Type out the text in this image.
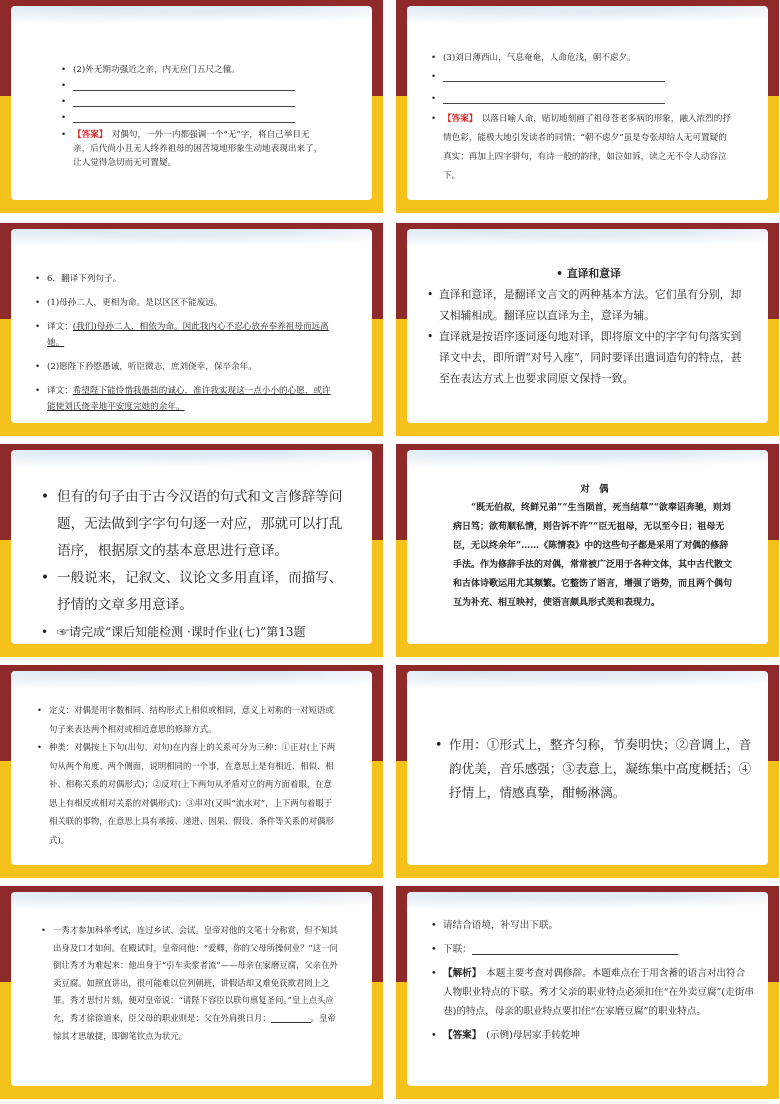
• (2)外无期功强近之亲，内无应门五尺之僮。
•
•
•
• 【答案】　 对偶句，一外一内都强调一个“无”字，将自己举目无亲，后代尚小且无人终养祖母的困苦境地形象生动地表现出来了，让人觉得急切而无可置疑。
• (3)刘日薄西山，气息奄奄，人命危浅，朝不虑夕。
•
•
• 【答案】　 以落日喻人命，贴切地刻画了祖母苍老多病的形象，融入浓烈的抒情色彩，能极大地引发读者的同情；“朝不虑夕”虽是夸张却给人无可置疑的真实；再加上四字骈句，有诗一般的韵律，如泣如诉，读之无不令人动容泣下。
• 6．翻译下列句子。
• (1)母孙二人，更相为命。是以区区不能废远。
• 译文：(我们)母孙二人，相依为命。因此我内心不忍心放弃奉养祖母而远离她。
• (2)愿陛下矜愍愚诚，听臣微志，庶刘侥幸，保卒余年。
• 译文：希望陛下能怜惜我愚拙的诚心，准许我实现这一点小小的心愿，或许能使刘氏侥幸地平安度完她的余年。
• 直译和意译
• 直译和意译，是翻译文言文的两种基本方法。它们虽有分别，却又相辅相成。翻译应以直译为主，意译为辅。
• 直译就是按语序逐词逐句地对译，即将原文中的字字句句落实到译文中去，即所谓“对号入座”，同时要译出遣词造句的特点，甚至在表达方式上也要求同原文保持一致。
• 但有的句子由于古今汉语的句式和文言修辞等问题，无法做到字字句句逐一对应，那就可以打乱语序，根据原文的基本意思进行意译。
• 一般说来，记叙文、议论文多用直译，而描写、抒情的文章多用意译。
• ☞请完成“课后知能检测 ·课时作业(七)”第13题
对　偶
“既无伯叔，终鲜兄弟”“生当陨首，死当结草”“欲奉诏奔驰，则刘病日笃；欲苟顺私情，则告诉不许”“臣无祖母，无以至今日；祖母无臣，无以终余年”……《陈情表》中的这些句子都是采用了对偶的修辞手法。作为修辞手法的对偶，常常被广泛用于各种文体，其中古代散文和古体诗歌运用尤其频繁。它整饬了语言，增强了语势，而且两个偶句互为补充、相互映衬，使语言颇具形式美和表现力。
• 定义：对偶是用字数相同、结构形式上相似或相同，意义上对称的一对短语或句子来表达两个相对或相近意思的修辞方式。
• 种类：对偶按上下句(出句、对句)在内容上的关系可分为三种：①正对(上下两句从两个角度、两个侧面，说明相同的一个事，在意思上是有相近、相似、相补、相称关系的对偶形式)；②反对(上下两句从矛盾对立的两方面着眼，在意思上有相反或相对关系的对偶形式)；③串对(又叫“流水对”，上下两句着眼于相关联的事物，在意思上具有承接、递进、因果、假设、条件等关系的对偶形式)。
• 作用：①形式上，整齐匀称，节奏明快；②音调上，音韵优美，音乐感强；③表意上，凝练集中高度概括；④抒情上，情感真挚，酣畅淋漓。
• 一秀才参加科举考试，连过乡试、会试。皇帝对他的文笔十分称赏，但不知其出身及口才如何。在殿试时，皇帝问他：“爱卿，你的父母所操何业？”这一问倒让秀才为难起来：他出身于“引车卖浆者流”——母亲在家磨豆腐，父亲在外卖豆腐。如照直讲出，很可能难以位列朝班，讲假话却又难免获欺君罔上之罪。秀才思忖片刻，便对皇帝说：“请陛下容臣以联句禀复圣问。”皇上点头应允，秀才徐徐道来，臣父母的职业则是：父在外肩挑日月；	。皇帝惊其才思敏捷，即御笔钦点为状元。
• 请结合语境，补写出下联。
• 下联：
• 【解析】　 本题主要考查对偶修辞。本题难点在于用含蓄的语言对出符合人物职业特点的下联。秀才父亲的职业特点必须扣住“在外卖豆腐”(走街串巷)的特点，母亲的职业特点要扣住“在家磨豆腐”的职业特点。
• 【答案】　 (示例)母居家手转乾坤
